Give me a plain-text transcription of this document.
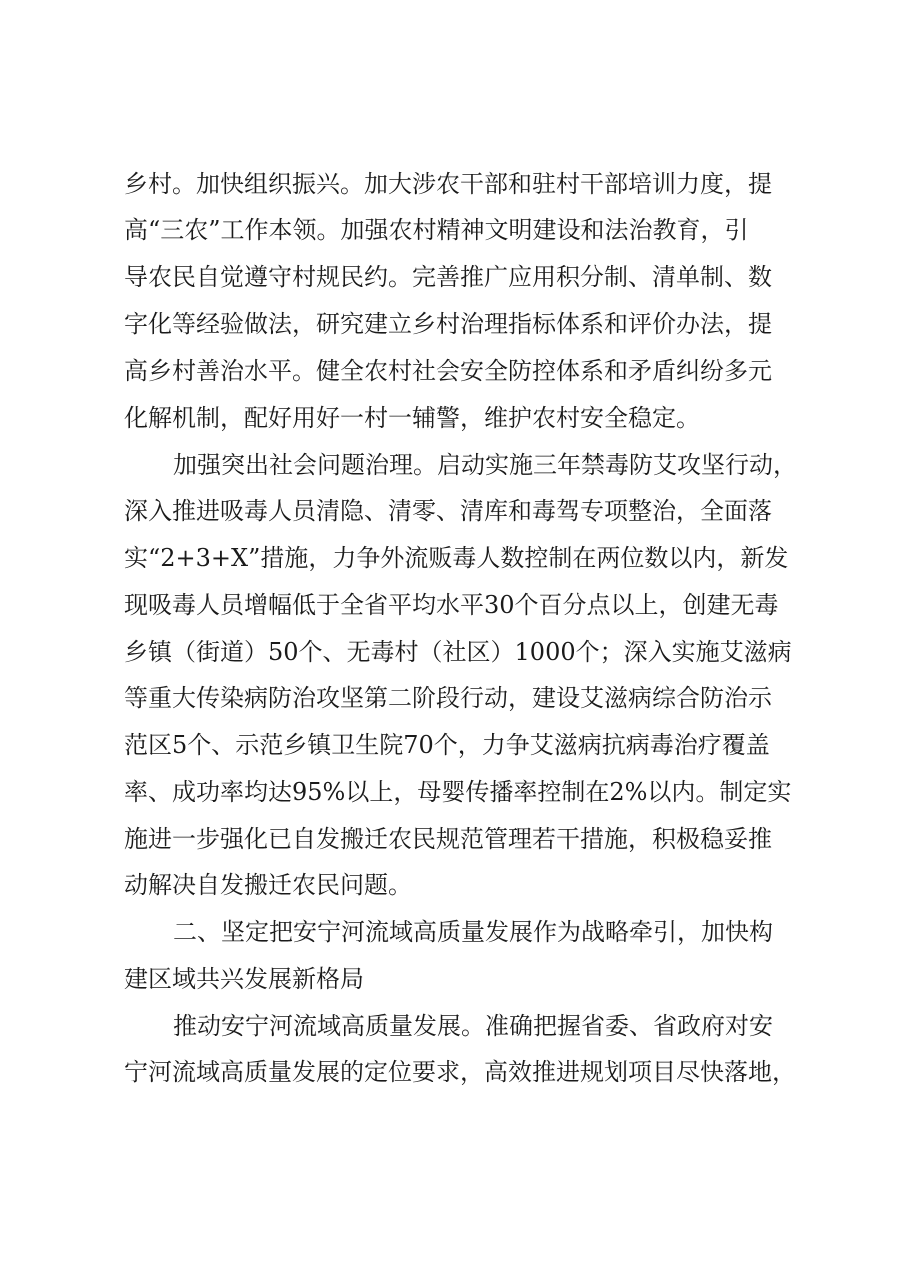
乡村。加快组织振兴。加大涉农干部和驻村干部培训力度，提
高“三农”工作本领。加强农村精神文明建设和法治教育，引
导农民自觉遵守村规民约。完善推广应用积分制、清单制、数
字化等经验做法，研究建立乡村治理指标体系和评价办法，提
高乡村善治水平。健全农村社会安全防控体系和矛盾纠纷多元
化解机制，配好用好一村一辅警，维护农村安全稳定。
加强突出社会问题治理。启动实施三年禁毒防艾攻坚行动，
深入推进吸毒人员清隐、清零、清库和毒驾专项整治，全面落
实“2+3+X”措施，力争外流贩毒人数控制在两位数以内，新发
现吸毒人员增幅低于全省平均水平30个百分点以上，创建无毒
乡镇（街道）50个、无毒村（社区）1000个；深入实施艾滋病
等重大传染病防治攻坚第二阶段行动，建设艾滋病综合防治示
范区5个、示范乡镇卫生院70个，力争艾滋病抗病毒治疗覆盖
率、成功率均达95%以上，母婴传播率控制在2%以内。制定实
施进一步强化已自发搬迁农民规范管理若干措施，积极稳妥推
动解决自发搬迁农民问题。
二、坚定把安宁河流域高质量发展作为战略牵引，加快构
建区域共兴发展新格局
推动安宁河流域高质量发展。准确把握省委、省政府对安
宁河流域高质量发展的定位要求，高效推进规划项目尽快落地，
